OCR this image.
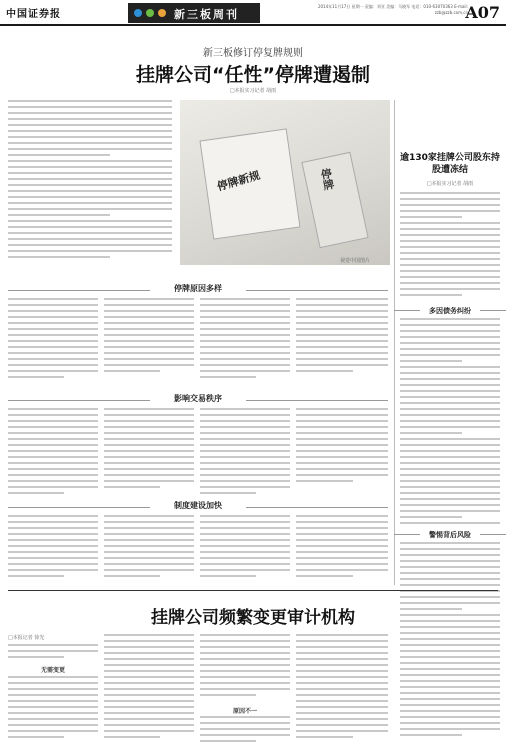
中国证券报	新三板周刊
2014年11月17日 星期一 责编：刘亚 美编：马晓军 电话：010-63070363 E-mail: zzb@zzb.com.cn
A07
新三板修订停复牌规则
挂牌公司“任性”停牌遭遏制
□本报实习记者 胡雨
停牌新规	停牌
视觉中国图片
逾130家挂牌公司股东持股遭冻结
□本报实习记者 胡雨
多因债务纠纷
警惕背后风险
停牌原因多样
影响交易秩序
制度建设加快
挂牌公司频繁变更审计机构
□本报记者 徐光
无需变更
原因不一
